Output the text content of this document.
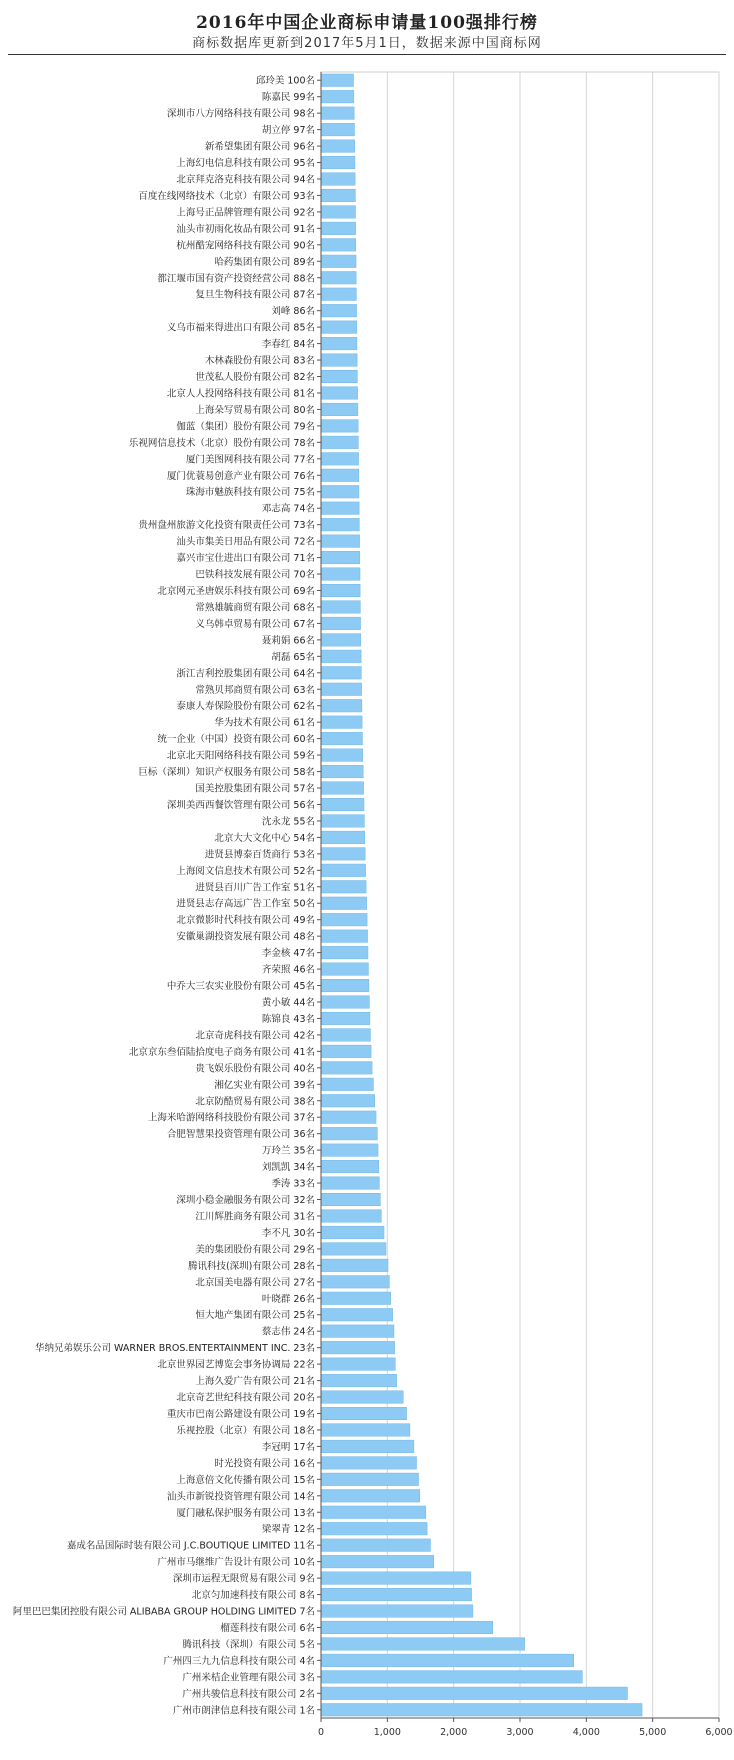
2016年中国企业商标申请量100强排行榜
商标数据库更新到2017年5月1日，数据来源中国商标网
0	1,000	2,000	3,000	4,000	5,000	6,000
邱玲美 100名
陈嘉民 99名
深圳市八方网络科技有限公司 98名
胡立停 97名
新希望集团有限公司 96名
上海幻电信息科技有限公司 95名
北京拜克洛克科技有限公司 94名
百度在线网络技术（北京）有限公司 93名
上海号正品牌管理有限公司 92名
汕头市初雨化妆品有限公司 91名
杭州酷宠网络科技有限公司 90名
哈药集团有限公司 89名
都江堰市国有资产投资经营公司 88名
复旦生物科技有限公司 87名
刘峰 86名
义乌市福来得进出口有限公司 85名
李春红 84名
木林森股份有限公司 83名
世茂私人股份有限公司 82名
北京人人投网络科技有限公司 81名
上海朵写贸易有限公司 80名
伽蓝（集团）股份有限公司 79名
乐视网信息技术（北京）股份有限公司 78名
厦门美图网科技有限公司 77名
厦门优蓑易创意产业有限公司 76名
珠海市魅族科技有限公司 75名
邓志高 74名
贵州盘州旅游文化投资有限责任公司 73名
汕头市集美日用品有限公司 72名
嘉兴市宝仕进出口有限公司 71名
巴铁科技发展有限公司 70名
北京网元圣唐娱乐科技有限公司 69名
常熟雄毓商贸有限公司 68名
义乌韩卓贸易有限公司 67名
聂莉娟 66名
胡磊 65名
浙江吉利控股集团有限公司 64名
常熟贝邦商贸有限公司 63名
泰康人寿保险股份有限公司 62名
华为技术有限公司 61名
统一企业（中国）投资有限公司 60名
北京北天阳网络科技有限公司 59名
巨标（深圳）知识产权服务有限公司 58名
国美控股集团有限公司 57名
深圳美西西餐饮管理有限公司 56名
沈永龙 55名
北京大大文化中心 54名
进贤县博泰百货商行 53名
上海阅文信息技术有限公司 52名
进贤县百川广告工作室 51名
进贤县志存高远广告工作室 50名
北京微影时代科技有限公司 49名
安徽巢湖投资发展有限公司 48名
李金核 47名
齐荣照 46名
中乔大三农实业股份有限公司 45名
黄小敏 44名
陈锦良 43名
北京奇虎科技有限公司 42名
北京京东叁佰陆拾度电子商务有限公司 41名
贵飞娱乐股份有限公司 40名
湘亿实业有限公司 39名
北京防酷贸易有限公司 38名
上海米哈游网络科技股份有限公司 37名
合肥智慧果投资管理有限公司 36名
万玲兰 35名
刘凯凯 34名
季涛 33名
深圳小稳金融服务有限公司 32名
江川辉胜商务有限公司 31名
李不凡 30名
美的集团股份有限公司 29名
腾讯科技(深圳)有限公司 28名
北京国美电器有限公司 27名
叶晓群 26名
恒大地产集团有限公司 25名
蔡志伟 24名
华纳兄弟娱乐公司 WARNER BROS.ENTERTAINMENT INC. 23名
北京世界园艺博览会事务协调局 22名
上海久爱广告有限公司 21名
北京奇艺世纪科技有限公司 20名
重庆市巴南公路建设有限公司 19名
乐视控股（北京）有限公司 18名
李冠明 17名
时光投资有限公司 16名
上海意倍文化传播有限公司 15名
汕头市新锐投资管理有限公司 14名
厦门融私保护服务有限公司 13名
梁翠青 12名
嘉成名品国际时装有限公司 J.C.BOUTIQUE LIMITED 11名
广州市马继维广告设计有限公司 10名
深圳市运程无限贸易有限公司 9名
北京匀加速科技有限公司 8名
阿里巴巴集团控股有限公司 ALIBABA GROUP HOLDING LIMITED 7名
榴莲科技有限公司 6名
腾讯科技（深圳）有限公司 5名
广州四三九九信息科技有限公司 4名
广州米桔企业管理有限公司 3名
广州共骏信息科技有限公司 2名
广州市朗津信息科技有限公司 1名
